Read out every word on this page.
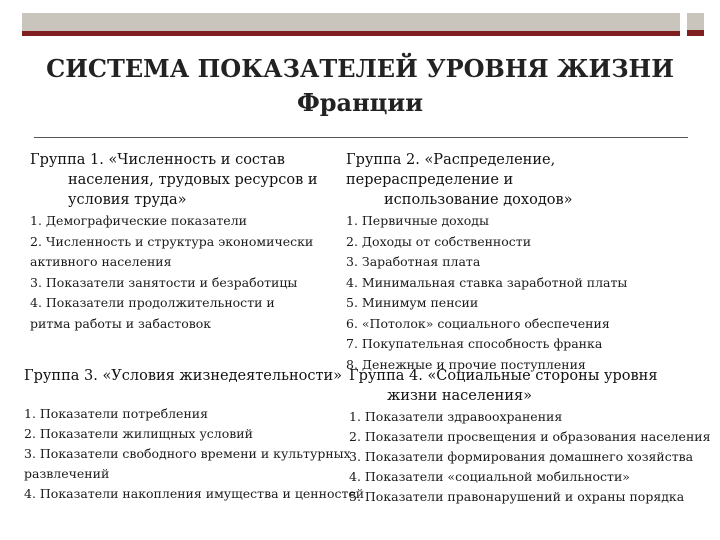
СИСТЕМА ПОКАЗАТЕЛЕЙ УРОВНЯ ЖИЗНИ
Франции

Группа 1. «Численность и состав
населения, трудовых ресурсов и условия труда»

1. Демографические показатели
2. Численность и структура экономически
активного населения
3. Показатели занятости и безработицы
4. Показатели продолжительности и
ритма работы и забастовок

Группа 2. «Распределение, перераспределение и
использование доходов»

1. Первичные доходы
2. Доходы от собственности
3. Заработная плата
4. Минимальная ставка заработной платы
5. Минимум пенсии
6. «Потолок» социального обеспечения
7. Покупательная способность франка
8. Денежные и прочие поступления

Группа 3. «Условия жизнедеятельности»

1. Показатели потребления
2. Показатели жилищных условий
3. Показатели свободного времени и культурных
развлечений
4. Показатели накопления имущества и ценностей

Группа 4. «Социальные стороны уровня
жизни населения»

1. Показатели здравоохранения
2. Показатели просвещения и образования населения
3. Показатели формирования домашнего хозяйства
4. Показатели «социальной мобильности»
5. Показатели правонарушений и охраны порядка
